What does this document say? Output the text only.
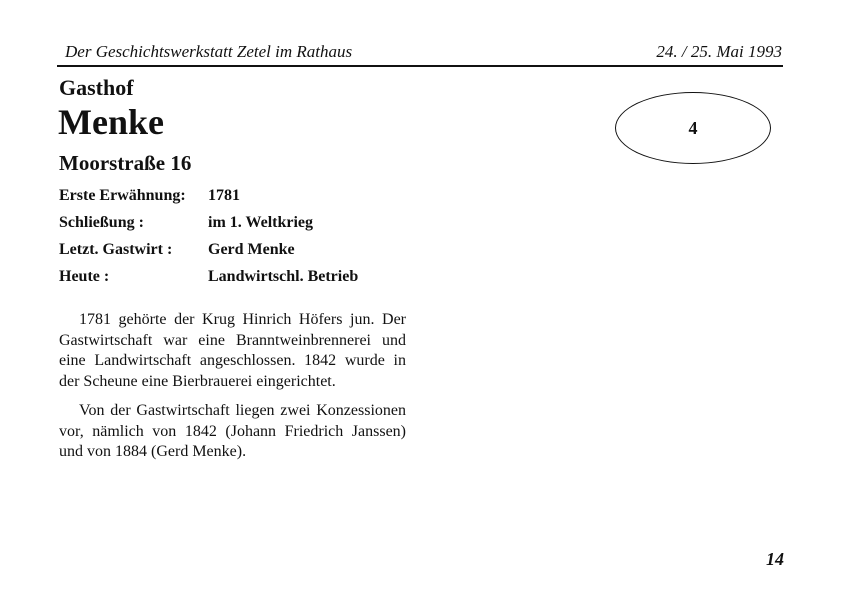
Der Geschichtswerkstatt Zetel im Rathaus	24. / 25. Mai 1993
Gasthof
Menke
Moorstraße 16
4
Erste Erwähnung: 1781
Schließung :	im 1. Weltkrieg
Letzt. Gastwirt : Gerd Menke
Heute :	Landwirtschl. Betrieb

1781 gehörte der Krug Hinrich Höfers jun. Der Gastwirtschaft war eine Branntweinbrennerei und eine Landwirtschaft angeschlossen. 1842 wurde in der Scheune eine Bierbrauerei eingerichtet.

Von der Gastwirtschaft liegen zwei Konzessionen vor, nämlich von 1842 (Johann Friedrich Janssen) und von 1884 (Gerd Menke).

14
